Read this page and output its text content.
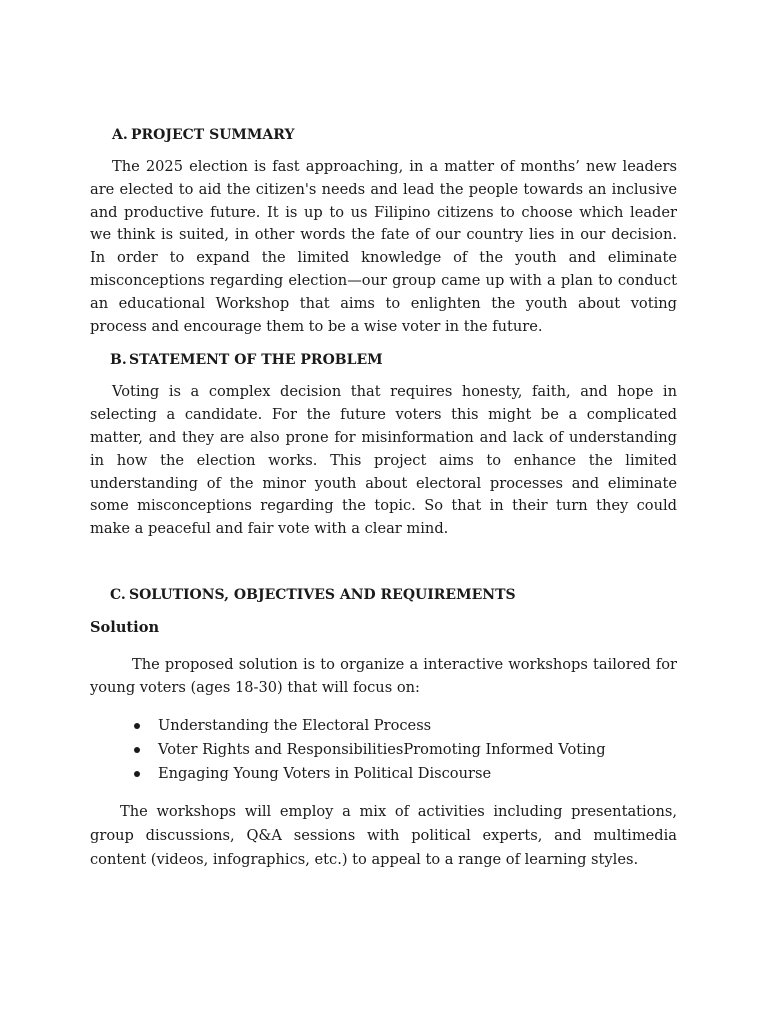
A. PROJECT SUMMARY

The 2025 election is fast approaching, in a matter of months’ new leaders are elected to aid the citizen's needs and lead the people towards an inclusive and productive future. It is up to us Filipino citizens to choose which leader we think is suited, in other words the fate of our country lies in our decision. In order to expand the limited knowledge of the youth and eliminate misconceptions regarding election—our group came up with a plan to conduct an educational Workshop that aims to enlighten the youth about voting process and encourage them to be a wise voter in the future.

B. STATEMENT OF THE PROBLEM

Voting is a complex decision that requires honesty, faith, and hope in selecting a candidate. For the future voters this might be a complicated matter, and they are also prone for misinformation and lack of understanding in how the election works. This project aims to enhance the limited understanding of the minor youth about electoral processes and eliminate some misconceptions regarding the topic. So that in their turn they could make a peaceful and fair vote with a clear mind.

C. SOLUTIONS, OBJECTIVES AND REQUIREMENTS

Solution

The proposed solution is to organize a interactive workshops tailored for young voters (ages 18-30) that will focus on:

Understanding the Electoral Process
Voter Rights and ResponsibilitiesPromoting Informed Voting
Engaging Young Voters in Political Discourse

The workshops will employ a mix of activities including presentations, group discussions, Q&A sessions with political experts, and multimedia content (videos, infographics, etc.) to appeal to a range of learning styles.
